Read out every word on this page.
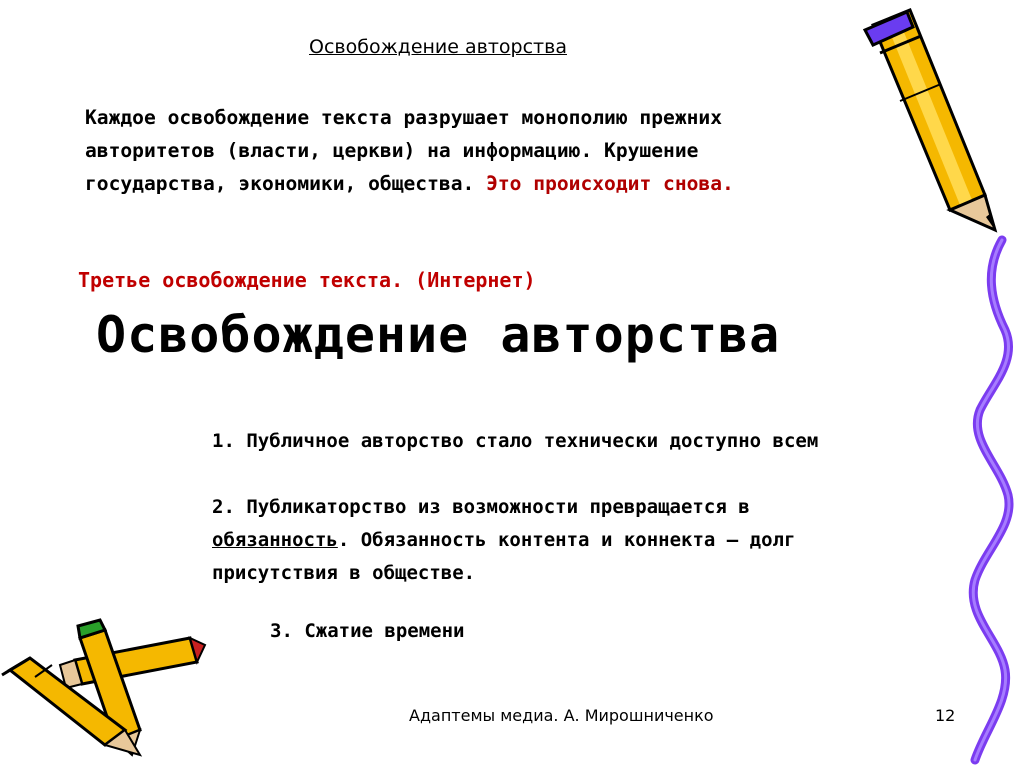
Освобождение авторства
Каждое освобождение текста разрушает монополию прежних
авторитетов (власти, церкви) на информацию. Крушение
государства, экономики, общества. Это происходит снова.
Третье освобождение текста. (Интернет)
Освобождение авторства
1. Публичное авторство стало технически доступно всем
2. Публикаторство из возможности превращается в
обязанность. Обязанность контента и коннекта – долг
присутствия в обществе.
3. Сжатие времени
Адаптемы медиа. А. Мирошниченко	12
